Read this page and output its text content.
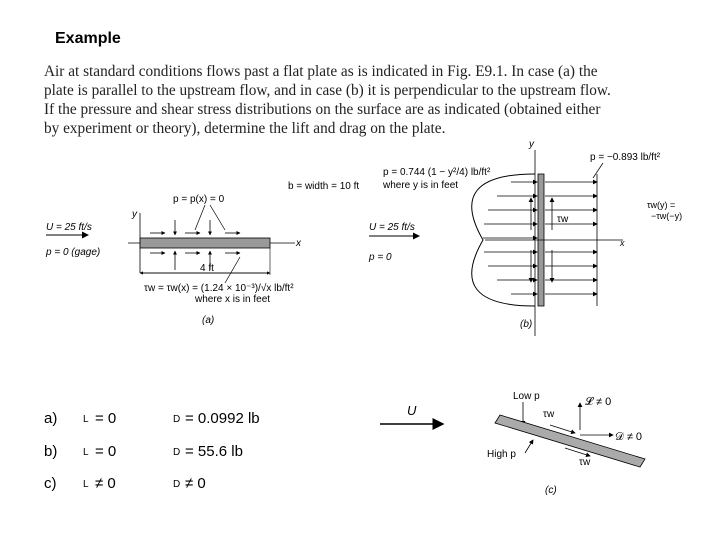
Example
Air at standard conditions flows past a flat plate as is indicated in Fig. E9.1. In case (a) the
plate is parallel to the upstream flow, and in case (b) it is perpendicular to the upstream flow.
If the pressure and shear stress distributions on the surface are as indicated (obtained either
by experiment or theory), determine the lift and drag on the plate.
b = width = 10 ft
p = p(x) = 0
U = 25 ft/s
p = 0 (gage)
y
x
4 ft
τw = τw(x) = (1.24 × 10⁻³)/√x lb/ft²
where x is in feet
(a)
y
p = 0.744 (1 − y²/4) lb/ft²
where y is in feet
p = −0.893 lb/ft²
τw
x
τw(y) =
−τw(−y)
U = 25 ft/s
p = 0
(b)
a)	L = 0	D = 0.0992 lb
b)	L = 0	D = 55.6 lb
c)	L ≠ 0	D ≠ 0
U
Low p
τw
τw
High p
𝓛 ≠ 0
𝒟 ≠ 0
(c)
